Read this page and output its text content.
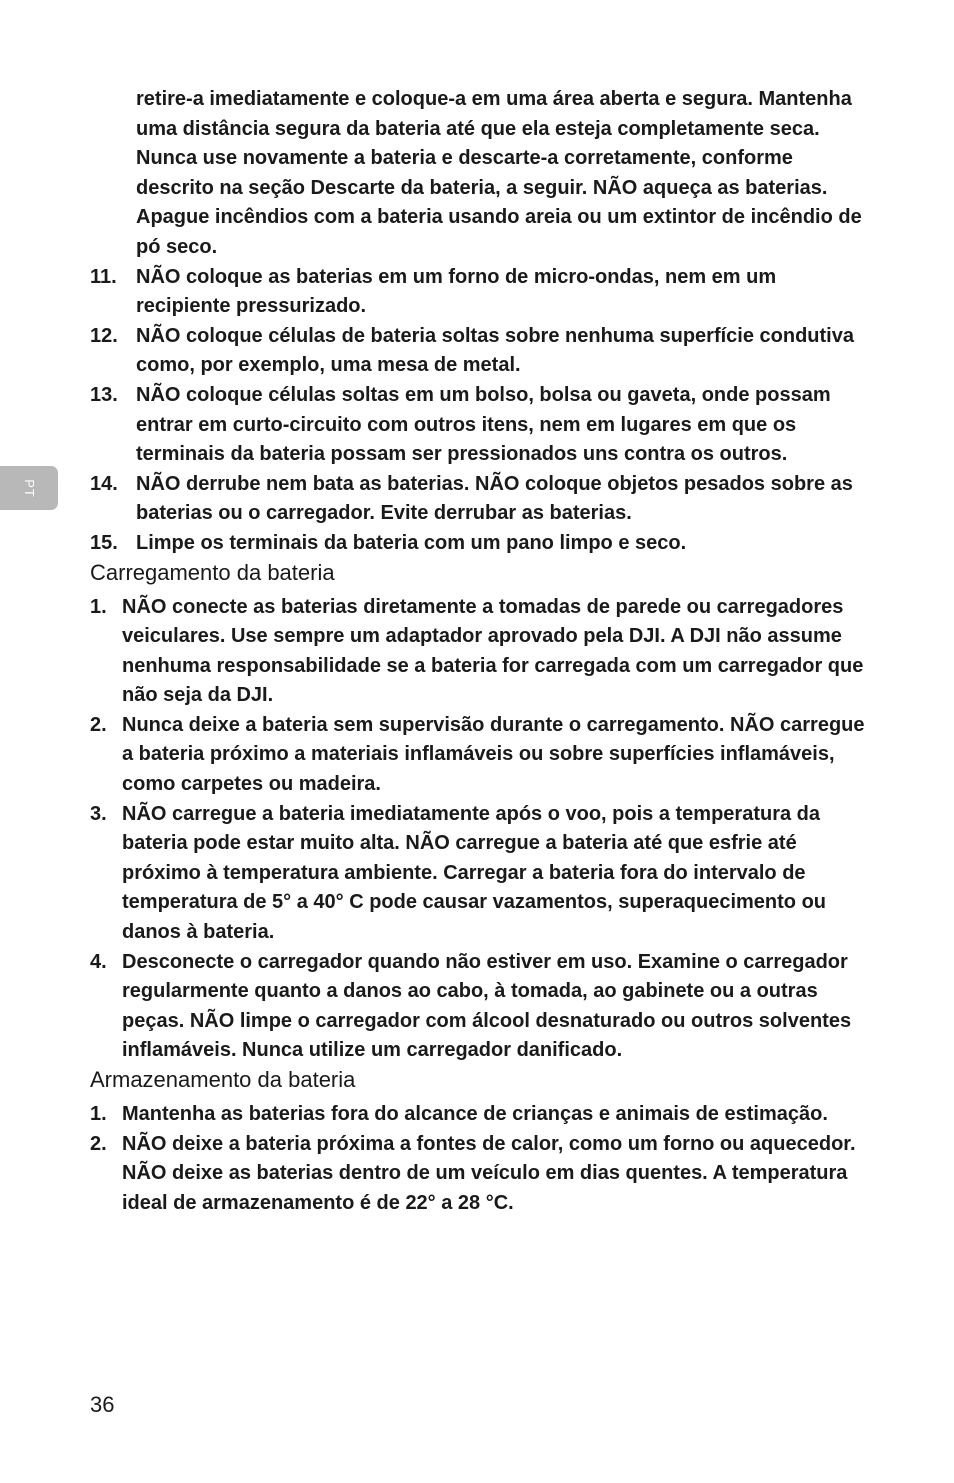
PT

retire-a imediatamente e coloque-a em uma área aberta e segura. Mantenha uma distância segura da bateria até que ela esteja completamente seca. Nunca use novamente a bateria e descarte-a corretamente, conforme descrito na seção Descarte da bateria, a seguir. NÃO aqueça as baterias. Apague incêndios com a bateria usando areia ou um extintor de incêndio de pó seco.

11. NÃO coloque as baterias em um forno de micro-ondas, nem em um recipiente pressurizado.
12. NÃO coloque células de bateria soltas sobre nenhuma superfície condutiva como, por exemplo, uma mesa de metal.
13. NÃO coloque células soltas em um bolso, bolsa ou gaveta, onde possam entrar em curto-circuito com outros itens, nem em lugares em que os terminais da bateria possam ser pressionados uns contra os outros.
14. NÃO derrube nem bata as baterias. NÃO coloque objetos pesados sobre as baterias ou o carregador. Evite derrubar as baterias.
15. Limpe os terminais da bateria com um pano limpo e seco.
Carregamento da bateria
1. NÃO conecte as baterias diretamente a tomadas de parede ou carregadores veiculares. Use sempre um adaptador aprovado pela DJI. A DJI não assume nenhuma responsabilidade se a bateria for carregada com um carregador que não seja da DJI.
2. Nunca deixe a bateria sem supervisão durante o carregamento. NÃO carregue a bateria próximo a materiais inflamáveis ou sobre superfícies inflamáveis, como carpetes ou madeira.
3. NÃO carregue a bateria imediatamente após o voo, pois a temperatura da bateria pode estar muito alta. NÃO carregue a bateria até que esfrie até próximo à temperatura ambiente. Carregar a bateria fora do intervalo de temperatura de 5° a 40° C pode causar vazamentos, superaquecimento ou danos à bateria.
4. Desconecte o carregador quando não estiver em uso. Examine o carregador regularmente quanto a danos ao cabo, à tomada, ao gabinete ou a outras peças. NÃO limpe o carregador com álcool desnaturado ou outros solventes inflamáveis. Nunca utilize um carregador danificado.
Armazenamento da bateria
1. Mantenha as baterias fora do alcance de crianças e animais de estimação.
2. NÃO deixe a bateria próxima a fontes de calor, como um forno ou aquecedor. NÃO deixe as baterias dentro de um veículo em dias quentes. A temperatura ideal de armazenamento é de 22° a 28 °C.
36
